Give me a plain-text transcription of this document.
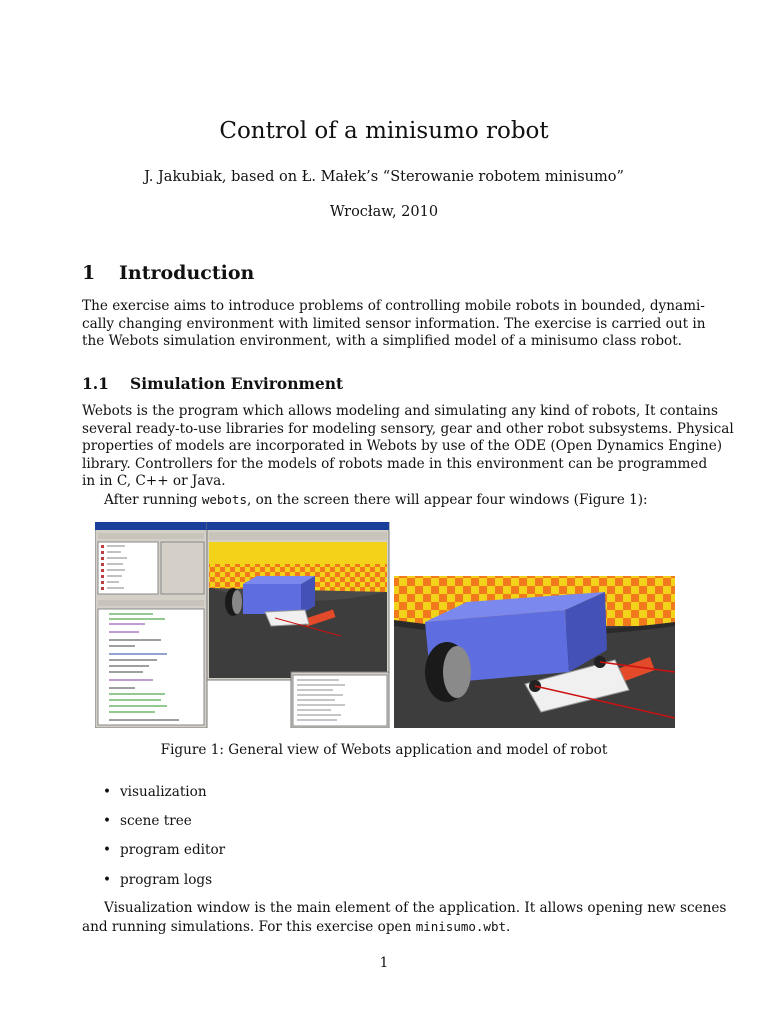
Control of a minisumo robot
J. Jakubiak, based on Ł. Małek’s “Sterowanie robotem minisumo”
Wrocław, 2010
1 Introduction
The exercise aims to introduce problems of controlling mobile robots in bounded, dynami-
cally changing environment with limited sensor information. The exercise is carried out in
the Webots simulation environment, with a simplified model of a minisumo class robot.
1.1 Simulation Environment
Webots is the program which allows modeling and simulating any kind of robots, It contains
several ready-to-use libraries for modeling sensory, gear and other robot subsystems. Physical
properties of models are incorporated in Webots by use of the ODE (Open Dynamics Engine)
library. Controllers for the models of robots made in this environment can be programmed
in in C, C++ or Java.
After running webots, on the screen there will appear four windows (Figure 1):
Figure 1: General view of Webots application and model of robot
• visualization
• scene tree
• program editor
• program logs
Visualization window is the main element of the application. It allows opening new scenes
and running simulations. For this exercise open minisumo.wbt.
1
